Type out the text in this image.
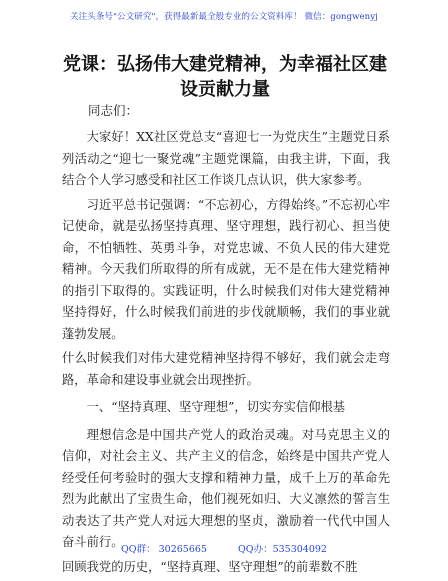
关注头条号"公文研究"，获得最新最全般专业的公文资料库！ 微信：gongwenyj
党课：弘扬伟大建党精神，为幸福社区建设贡献力量
同志们：

大家好！XX社区党总支“喜迎七一为党庆生”主题党日系列活动之“迎七一聚党魂”主题党课篇，由我主讲，下面，我结合个人学习感受和社区工作谈几点认识，供大家参考。

习近平总书记强调：“不忘初心，方得始终。”不忘初心牢记使命，就是弘扬坚持真理、坚守理想，践行初心、担当使命，不怕牺牲、英勇斗争，对党忠诚、不负人民的伟大建党精神。今天我们所取得的所有成就，无不是在伟大建党精神的指引下取得的。实践证明，什么时候我们对伟大建党精神坚持得好，什么时候我们前进的步伐就顺畅，我们的事业就蓬勃发展。

什么时候我们对伟大建党精神坚持得不够好，我们就会走弯路，革命和建设事业就会出现挫折。

一、“坚持真理、坚守理想”，切实夯实信仰根基

理想信念是中国共产党人的政治灵魂。对马克思主义的信仰，对社会主义、共产主义的信念，始终是中国共产党人经受任何考验时的强大支撑和精神力量，成千上万的革命先烈为此献出了宝贵生命，他们视死如归、大义凛然的誓言生动表达了共产党人对远大理想的坚贞，激励着一代代中国人奋斗前行。

回顾我党的历史，“坚持真理、坚守理想”的前辈数不胜

QQ群： 30265665	QQ办：535304092
